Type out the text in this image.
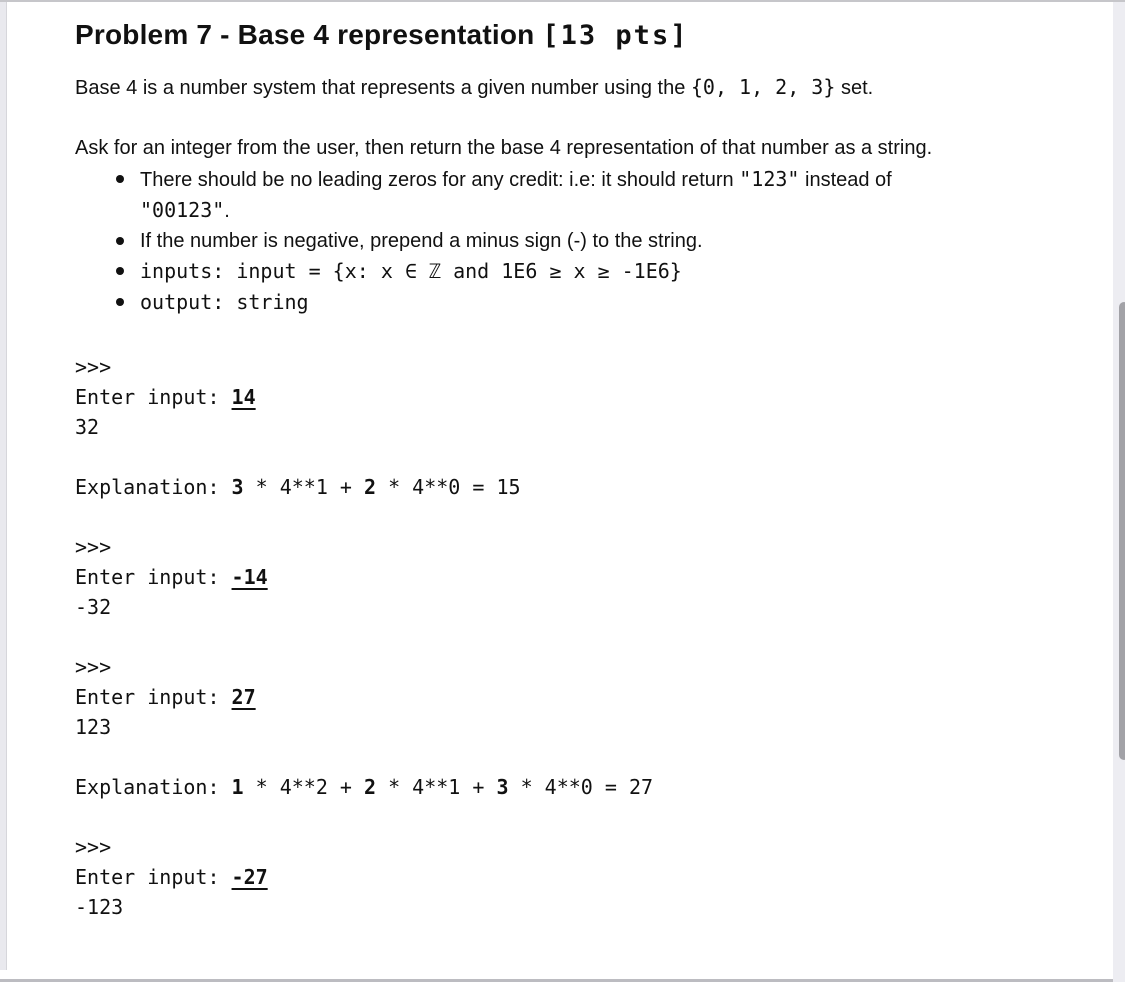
Problem 7 - Base 4 representation [13 pts]

Base 4 is a number system that represents a given number using the {0, 1, 2, 3} set.

Ask for an integer from the user, then return the base 4 representation of that number as a string.

There should be no leading zeros for any credit: i.e: it should return "123" instead of
"00123".
If the number is negative, prepend a minus sign (-) to the string.
inputs: input = {x: x ∈ ℤ and 1E6 ≥ x ≥ -1E6}
output: string
>>>
Enter input: 14
32
Explanation: 3 * 4**1 + 2 * 4**0 = 15
>>>
Enter input: -14
-32
>>>
Enter input: 27
123
Explanation: 1 * 4**2 + 2 * 4**1 + 3 * 4**0 = 27
>>>
Enter input: -27
-123
